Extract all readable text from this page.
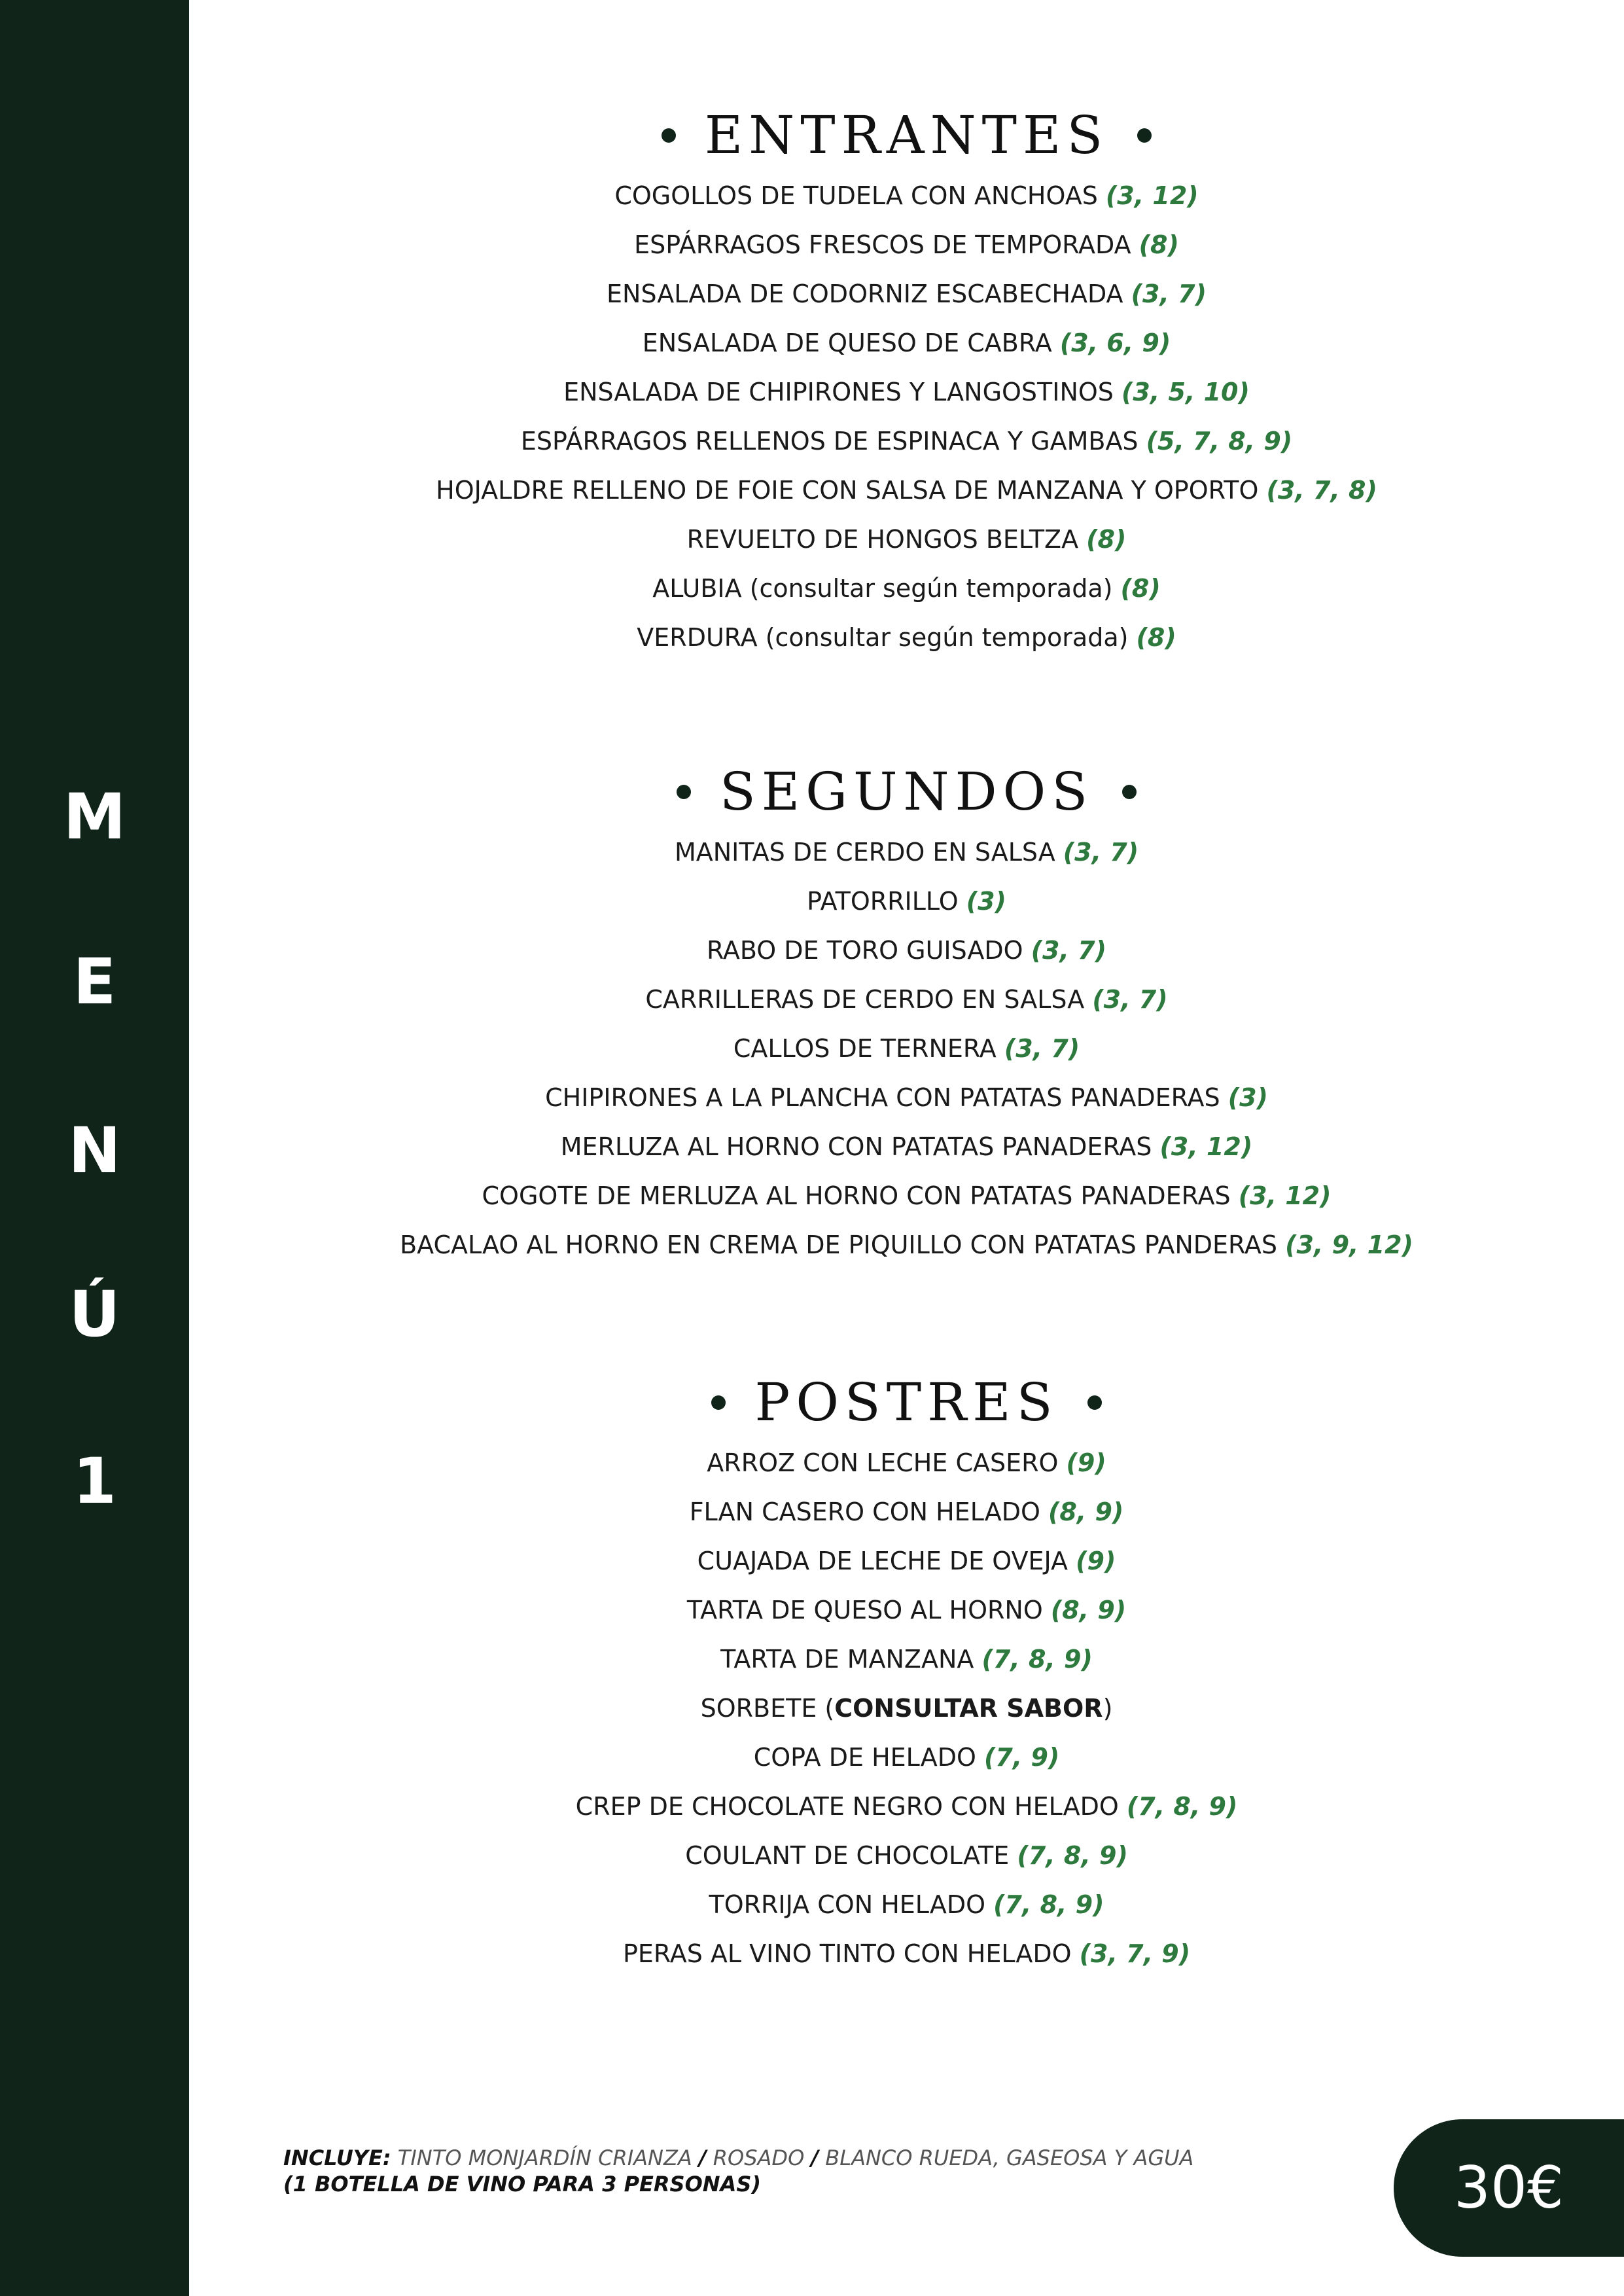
M
E
N
Ú
1
ENTRANTES
COGOLLOS DE TUDELA CON ANCHOAS (3, 12)
ESPÁRRAGOS FRESCOS DE TEMPORADA (8)
ENSALADA DE CODORNIZ ESCABECHADA (3, 7)
ENSALADA DE QUESO DE CABRA (3, 6, 9)
ENSALADA DE CHIPIRONES Y LANGOSTINOS (3, 5, 10)
ESPÁRRAGOS RELLENOS DE ESPINACA Y GAMBAS (5, 7, 8, 9)
HOJALDRE RELLENO DE FOIE CON SALSA DE MANZANA Y OPORTO (3, 7, 8)
REVUELTO DE HONGOS BELTZA (8)
ALUBIA (consultar según temporada) (8)
VERDURA (consultar según temporada) (8)
SEGUNDOS
MANITAS DE CERDO EN SALSA (3, 7)
PATORRILLO (3)
RABO DE TORO GUISADO (3, 7)
CARRILLERAS DE CERDO EN SALSA (3, 7)
CALLOS DE TERNERA (3, 7)
CHIPIRONES A LA PLANCHA CON PATATAS PANADERAS (3)
MERLUZA AL HORNO CON PATATAS PANADERAS (3, 12)
COGOTE DE MERLUZA AL HORNO CON PATATAS PANADERAS (3, 12)
BACALAO AL HORNO EN CREMA DE PIQUILLO CON PATATAS PANDERAS (3, 9, 12)
POSTRES
ARROZ CON LECHE CASERO (9)
FLAN CASERO CON HELADO (8, 9)
CUAJADA DE LECHE DE OVEJA (9)
TARTA DE QUESO AL HORNO (8, 9)
TARTA DE MANZANA (7, 8, 9)
SORBETE (CONSULTAR SABOR)
COPA DE HELADO (7, 9)
CREP DE CHOCOLATE NEGRO CON HELADO (7, 8, 9)
COULANT DE CHOCOLATE (7, 8, 9)
TORRIJA CON HELADO (7, 8, 9)
PERAS AL VINO TINTO CON HELADO (3, 7, 9)
INCLUYE: TINTO MONJARDÍN CRIANZA / ROSADO / BLANCO RUEDA, GASEOSA Y AGUA
(1 BOTELLA DE VINO PARA 3 PERSONAS)	30€
